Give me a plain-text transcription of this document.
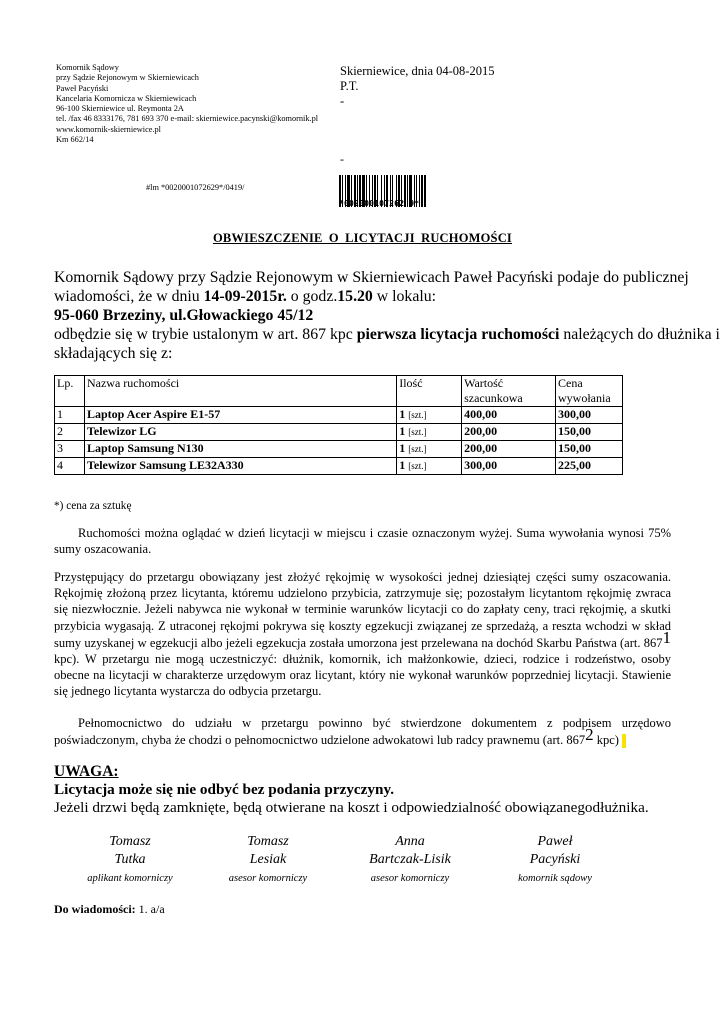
Komornik Sądowy
przy Sądzie Rejonowym w Skierniewicach
Paweł Pacyński
Kancelaria Komornicza w Skierniewicach
96-100 Skierniewice ul. Reymonta 2A
tel. /fax 46 8333176, 781 693 370 e-mail: skierniewice.pacynski@komornik.pl
www.komornik-skierniewice.pl
Km 662/14
Skierniewice, dnia 04-08-2015
P.T.
-
-
#lm *0020001072629*/0419/
*002000107262 9*
OBWIESZCZENIE O LICYTACJI RUCHOMOŚCI
Komornik Sądowy przy Sądzie Rejonowym w Skierniewicach Paweł Pacyński podaje do publicznej
wiadomości, że w dniu 14-09-2015r. o godz.15.20 w lokalu:
95-060 Brzeziny, ul.Głowackiego 45/12
odbędzie się w trybie ustalonym w art. 867 kpc pierwsza licytacja ruchomości należących do dłużnika i
składających się z:
Lp.	Nazwa ruchomości	Ilość	Wartość
szacunkowa	Cena
wywołania
1	Laptop Acer Aspire E1-57	1 [szt.]	400,00	300,00
2	Telewizor LG	1 [szt.]	200,00	150,00
3	Laptop Samsung N130	1 [szt.]	200,00	150,00
4	Telewizor Samsung LE32A330	1 [szt.]	300,00	225,00
*) cena za sztukę
Ruchomości można oglądać w dzień licytacji w miejscu i czasie oznaczonym wyżej. Suma wywołania wynosi 75% sumy oszacowania.
Przystępujący do przetargu obowiązany jest złożyć rękojmię w wysokości jednej dziesiątej części sumy oszacowania. Rękojmię złożoną przez licytanta, któremu udzielono przybicia, zatrzymuje się; pozostałym licytantom rękojmię zwraca się niezwłocznie. Jeżeli nabywca nie wykonał w terminie warunków licytacji co do zapłaty ceny, traci rękojmię, a skutki przybicia wygasają. Z utraconej rękojmi pokrywa się koszty egzekucji związanej ze sprzedażą, a reszta wchodzi w skład sumy uzyskanej w egzekucji albo jeżeli egzekucja została umorzona jest przelewana na dochód Skarbu Państwa (art. $867^1$ kpc). W przetargu nie mogą uczestniczyć: dłużnik, komornik, ich małżonkowie, dzieci, rodzice i rodzeństwo, osoby obecne na licytacji w charakterze urzędowym oraz licytant, który nie wykonał warunków poprzedniej licytacji. Stawienie się jednego licytanta wystarcza do odbycia przetargu.
Pełnomocnictwo do udziału w przetargu powinno być stwierdzone dokumentem z podpisem urzędowo poświadczonym, chyba że chodzi o pełnomocnictwo udzielone adwokatowi lub radcy prawnemu (art. $867^2$ kpc)
UWAGA:
Licytacja może się nie odbyć bez podania przyczyny.
Jeżeli drzwi będą zamknięte, będą otwierane na koszt i odpowiedzialność obowiązanegodłużnika.
Tomasz
Tutka
aplikant komorniczy
Tomasz
Lesiak
asesor komorniczy
Anna
Bartczak-Lisik
asesor komorniczy
Paweł
Pacyński
komornik sądowy
Do wiadomości: 1. a/a
